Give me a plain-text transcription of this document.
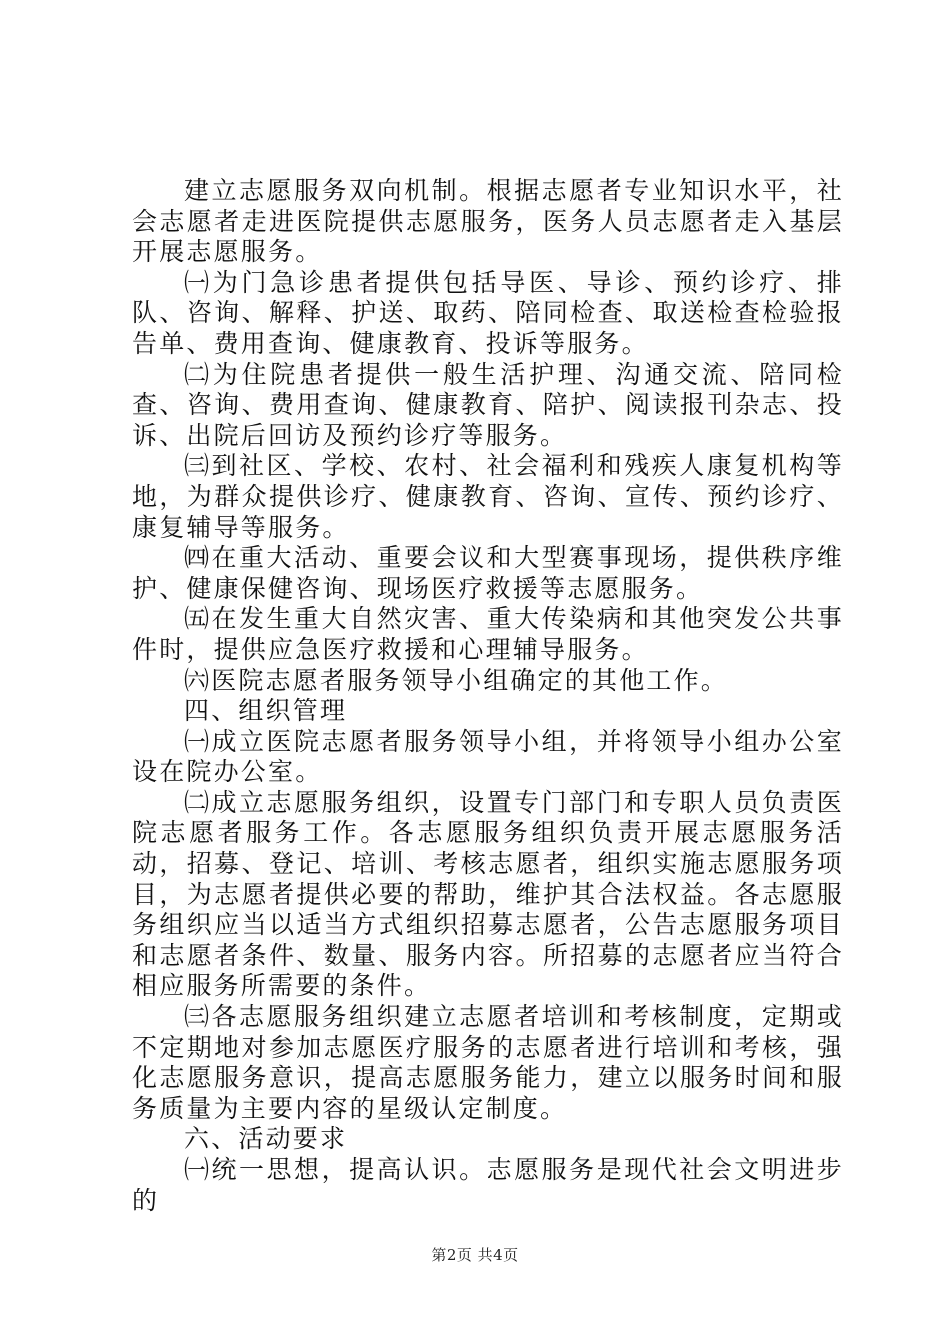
建立志愿服务双向机制。根据志愿者专业知识水平，社会志愿者走进医院提供志愿服务，医务人员志愿者走入基层开展志愿服务。

㈠为门急诊患者提供包括导医、导诊、预约诊疗、排队、咨询、解释、护送、取药、陪同检查、取送检查检验报告单、费用查询、健康教育、投诉等服务。

㈡为住院患者提供一般生活护理、沟通交流、陪同检查、咨询、费用查询、健康教育、陪护、阅读报刊杂志、投诉、出院后回访及预约诊疗等服务。

㈢到社区、学校、农村、社会福利和残疾人康复机构等地，为群众提供诊疗、健康教育、咨询、宣传、预约诊疗、康复辅导等服务。

㈣在重大活动、重要会议和大型赛事现场，提供秩序维护、健康保健咨询、现场医疗救援等志愿服务。

㈤在发生重大自然灾害、重大传染病和其他突发公共事件时，提供应急医疗救援和心理辅导服务。

㈥医院志愿者服务领导小组确定的其他工作。

四、组织管理

㈠成立医院志愿者服务领导小组，并将领导小组办公室设在院办公室。

㈡成立志愿服务组织，设置专门部门和专职人员负责医院志愿者服务工作。各志愿服务组织负责开展志愿服务活动，招募、登记、培训、考核志愿者，组织实施志愿服务项目，为志愿者提供必要的帮助，维护其合法权益。各志愿服务组织应当以适当方式组织招募志愿者，公告志愿服务项目和志愿者条件、数量、服务内容。所招募的志愿者应当符合相应服务所需要的条件。

㈢各志愿服务组织建立志愿者培训和考核制度，定期或不定期地对参加志愿医疗服务的志愿者进行培训和考核，强化志愿服务意识，提高志愿服务能力，建立以服务时间和服务质量为主要内容的星级认定制度。

六、活动要求

㈠统一思想，提高认识。志愿服务是现代社会文明进步的

第2页 共4页
